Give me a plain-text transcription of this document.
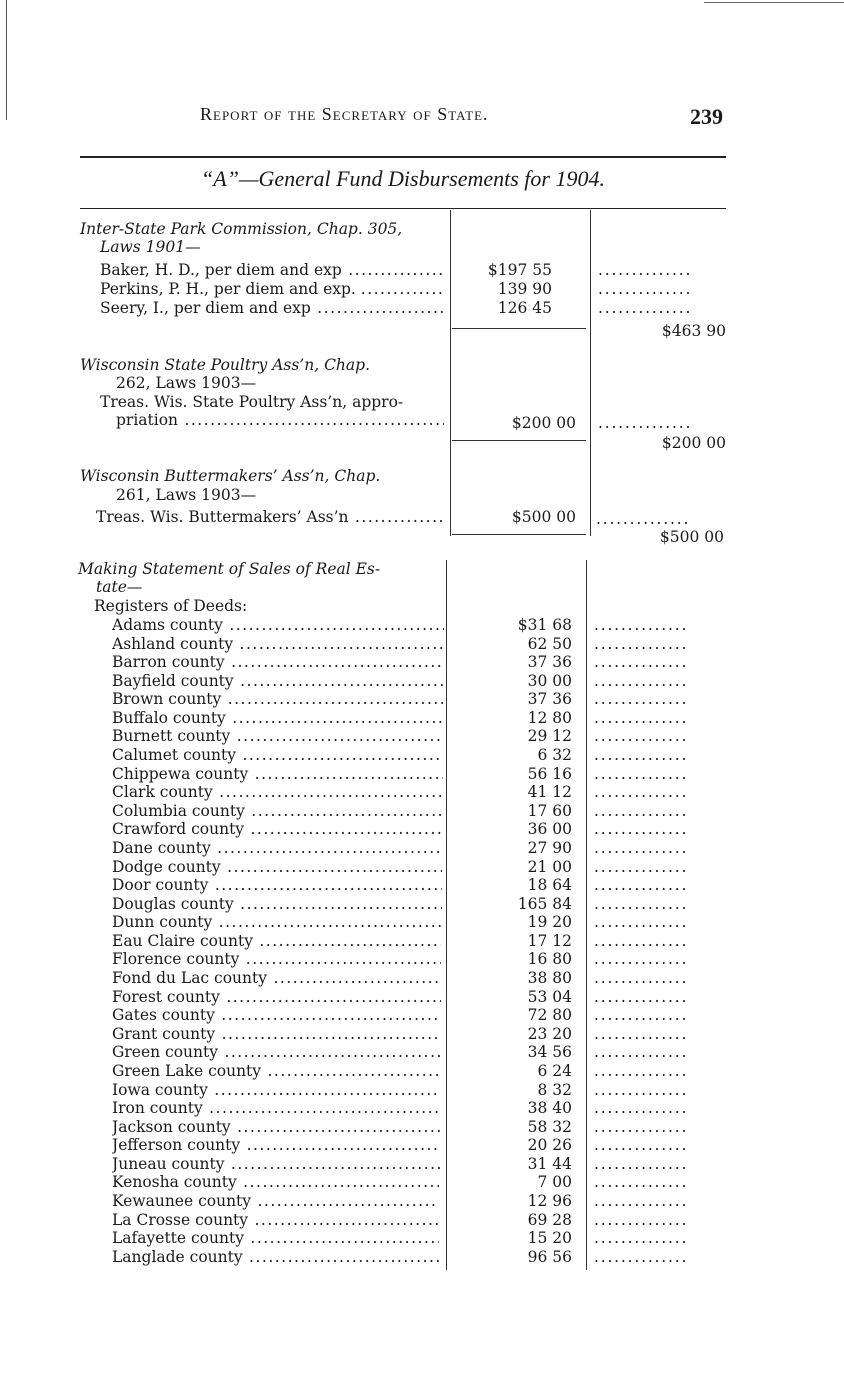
Report of the Secretary of State.	239
“A”—General Fund Disbursements for 1904.
Inter-State Park Commission, Chap. 305,
Laws 1901—
Baker, H. D., per diem and exp .....	$197 55	..............
Perkins, P. H., per diem and exp. .....	139 90	..............
Seery, I., per diem and exp .....	126 45	..............
$463 90
Wisconsin State Poultry Ass’n, Chap.
262, Laws 1903—
Treas. Wis. State Poultry Ass’n, appro-
priation .....	$200 00 ..............
$200 00
Wisconsin Buttermakers’ Ass’n, Chap.
261, Laws 1903—
Treas. Wis. Buttermakers’ Ass’n .....	$500 00 ..............
$500 00
Making Statement of Sales of Real Es-
tate—
Registers of Deeds:
Adams county .....	$31 68 ..............
Ashland county .....	62 50 ..............
Barron county .....	37 36 ..............
Bayfield county .....	30 00 ..............
Brown county .....	37 36 ..............
Buffalo county .....	12 80 ..............
Burnett county .....	29 12 ..............
Calumet county .....	6 32 ..............
Chippewa county .....	56 16 ..............
Clark county .....	41 12 ..............
Columbia county .....	17 60 ..............
Crawford county .....	36 00 ..............
Dane county .....	27 90 ..............
Dodge county .....	21 00 ..............
Door county .....	18 64 ..............
Douglas county .....	165 84 ..............
Dunn county .....	19 20 ..............
Eau Claire county .....	17 12 ..............
Florence county .....	16 80 ..............
Fond du Lac county .....	38 80 ..............
Forest county .....	53 04 ..............
Gates county .....	72 80 ..............
Grant county .....	23 20 ..............
Green county .....	34 56 ..............
Green Lake county .....	6 24 ..............
Iowa county .....	8 32 ..............
Iron county .....	38 40 ..............
Jackson county .....	58 32 ..............
Jefferson county .....	20 26 ..............
Juneau county .....	31 44 ..............
Kenosha county .....	7 00 ..............
Kewaunee county .....	12 96 ..............
La Crosse county .....	69 28 ..............
Lafayette county .....	15 20 ..............
Langlade county .....	96 56 ..............
